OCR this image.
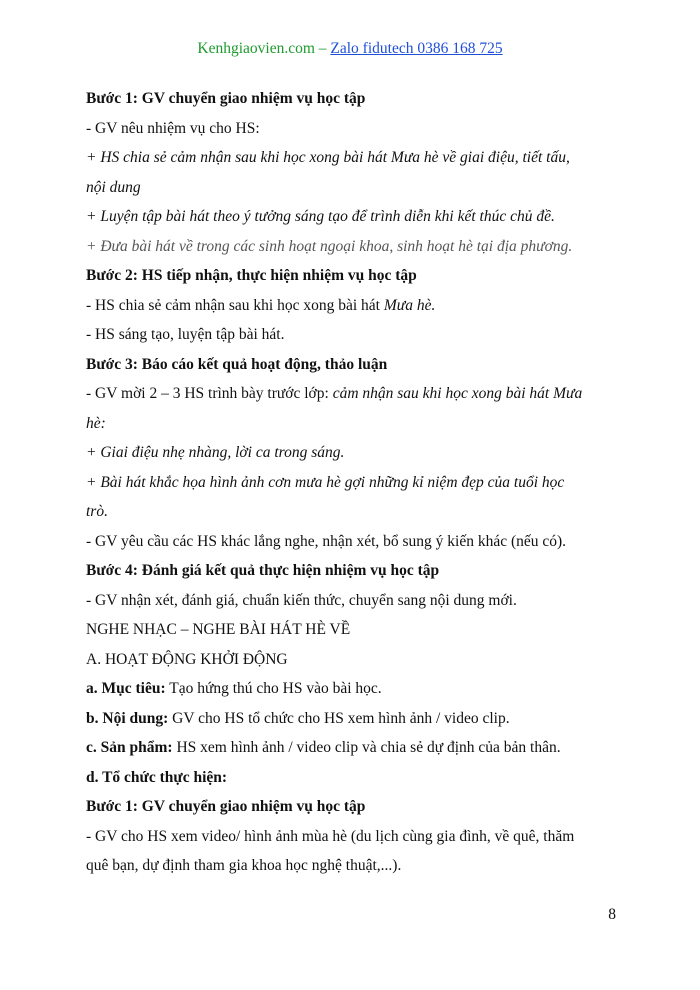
Kenhgiaovien.com – Zalo fidutech 0386 168 725
Bước 1: GV chuyển giao nhiệm vụ học tập
- GV nêu nhiệm vụ cho HS:
+ HS chia sẻ cảm nhận sau khi học xong bài hát Mưa hè về giai điệu, tiết tấu,
nội dung
+ Luyện tập bài hát theo ý tưởng sáng tạo để trình diễn khi kết thúc chủ đề.
+ Đưa bài hát về trong các sinh hoạt ngoại khoa, sinh hoạt hè tại địa phương.
Bước 2: HS tiếp nhận, thực hiện nhiệm vụ học tập
- HS chia sẻ cảm nhận sau khi học xong bài hát Mưa hè.
- HS sáng tạo, luyện tập bài hát.
Bước 3: Báo cáo kết quả hoạt động, thảo luận
- GV mời 2 – 3 HS trình bày trước lớp: cảm nhận sau khi học xong bài hát Mưa
hè:
+ Giai điệu nhẹ nhàng, lời ca trong sáng.
+ Bài hát khắc họa hình ảnh cơn mưa hè gợi những kỉ niệm đẹp của tuổi học
trò.
- GV yêu cầu các HS khác lắng nghe, nhận xét, bổ sung ý kiến khác (nếu có).
Bước 4: Đánh giá kết quả thực hiện nhiệm vụ học tập
- GV nhận xét, đánh giá, chuẩn kiến thức, chuyển sang nội dung mới.
NGHE NHẠC – NGHE BÀI HÁT HÈ VỀ
A. HOẠT ĐỘNG KHỞI ĐỘNG
a. Mục tiêu: Tạo hứng thú cho HS vào bài học.
b. Nội dung: GV cho HS tổ chức cho HS xem hình ảnh / video clip.
c. Sản phẩm: HS xem hình ảnh / video clip và chia sẻ dự định của bản thân.
d. Tổ chức thực hiện:
Bước 1: GV chuyển giao nhiệm vụ học tập
- GV cho HS xem video/ hình ảnh mùa hè (du lịch cùng gia đình, về quê, thăm
quê bạn, dự định tham gia khoa học nghệ thuật,...).
8
